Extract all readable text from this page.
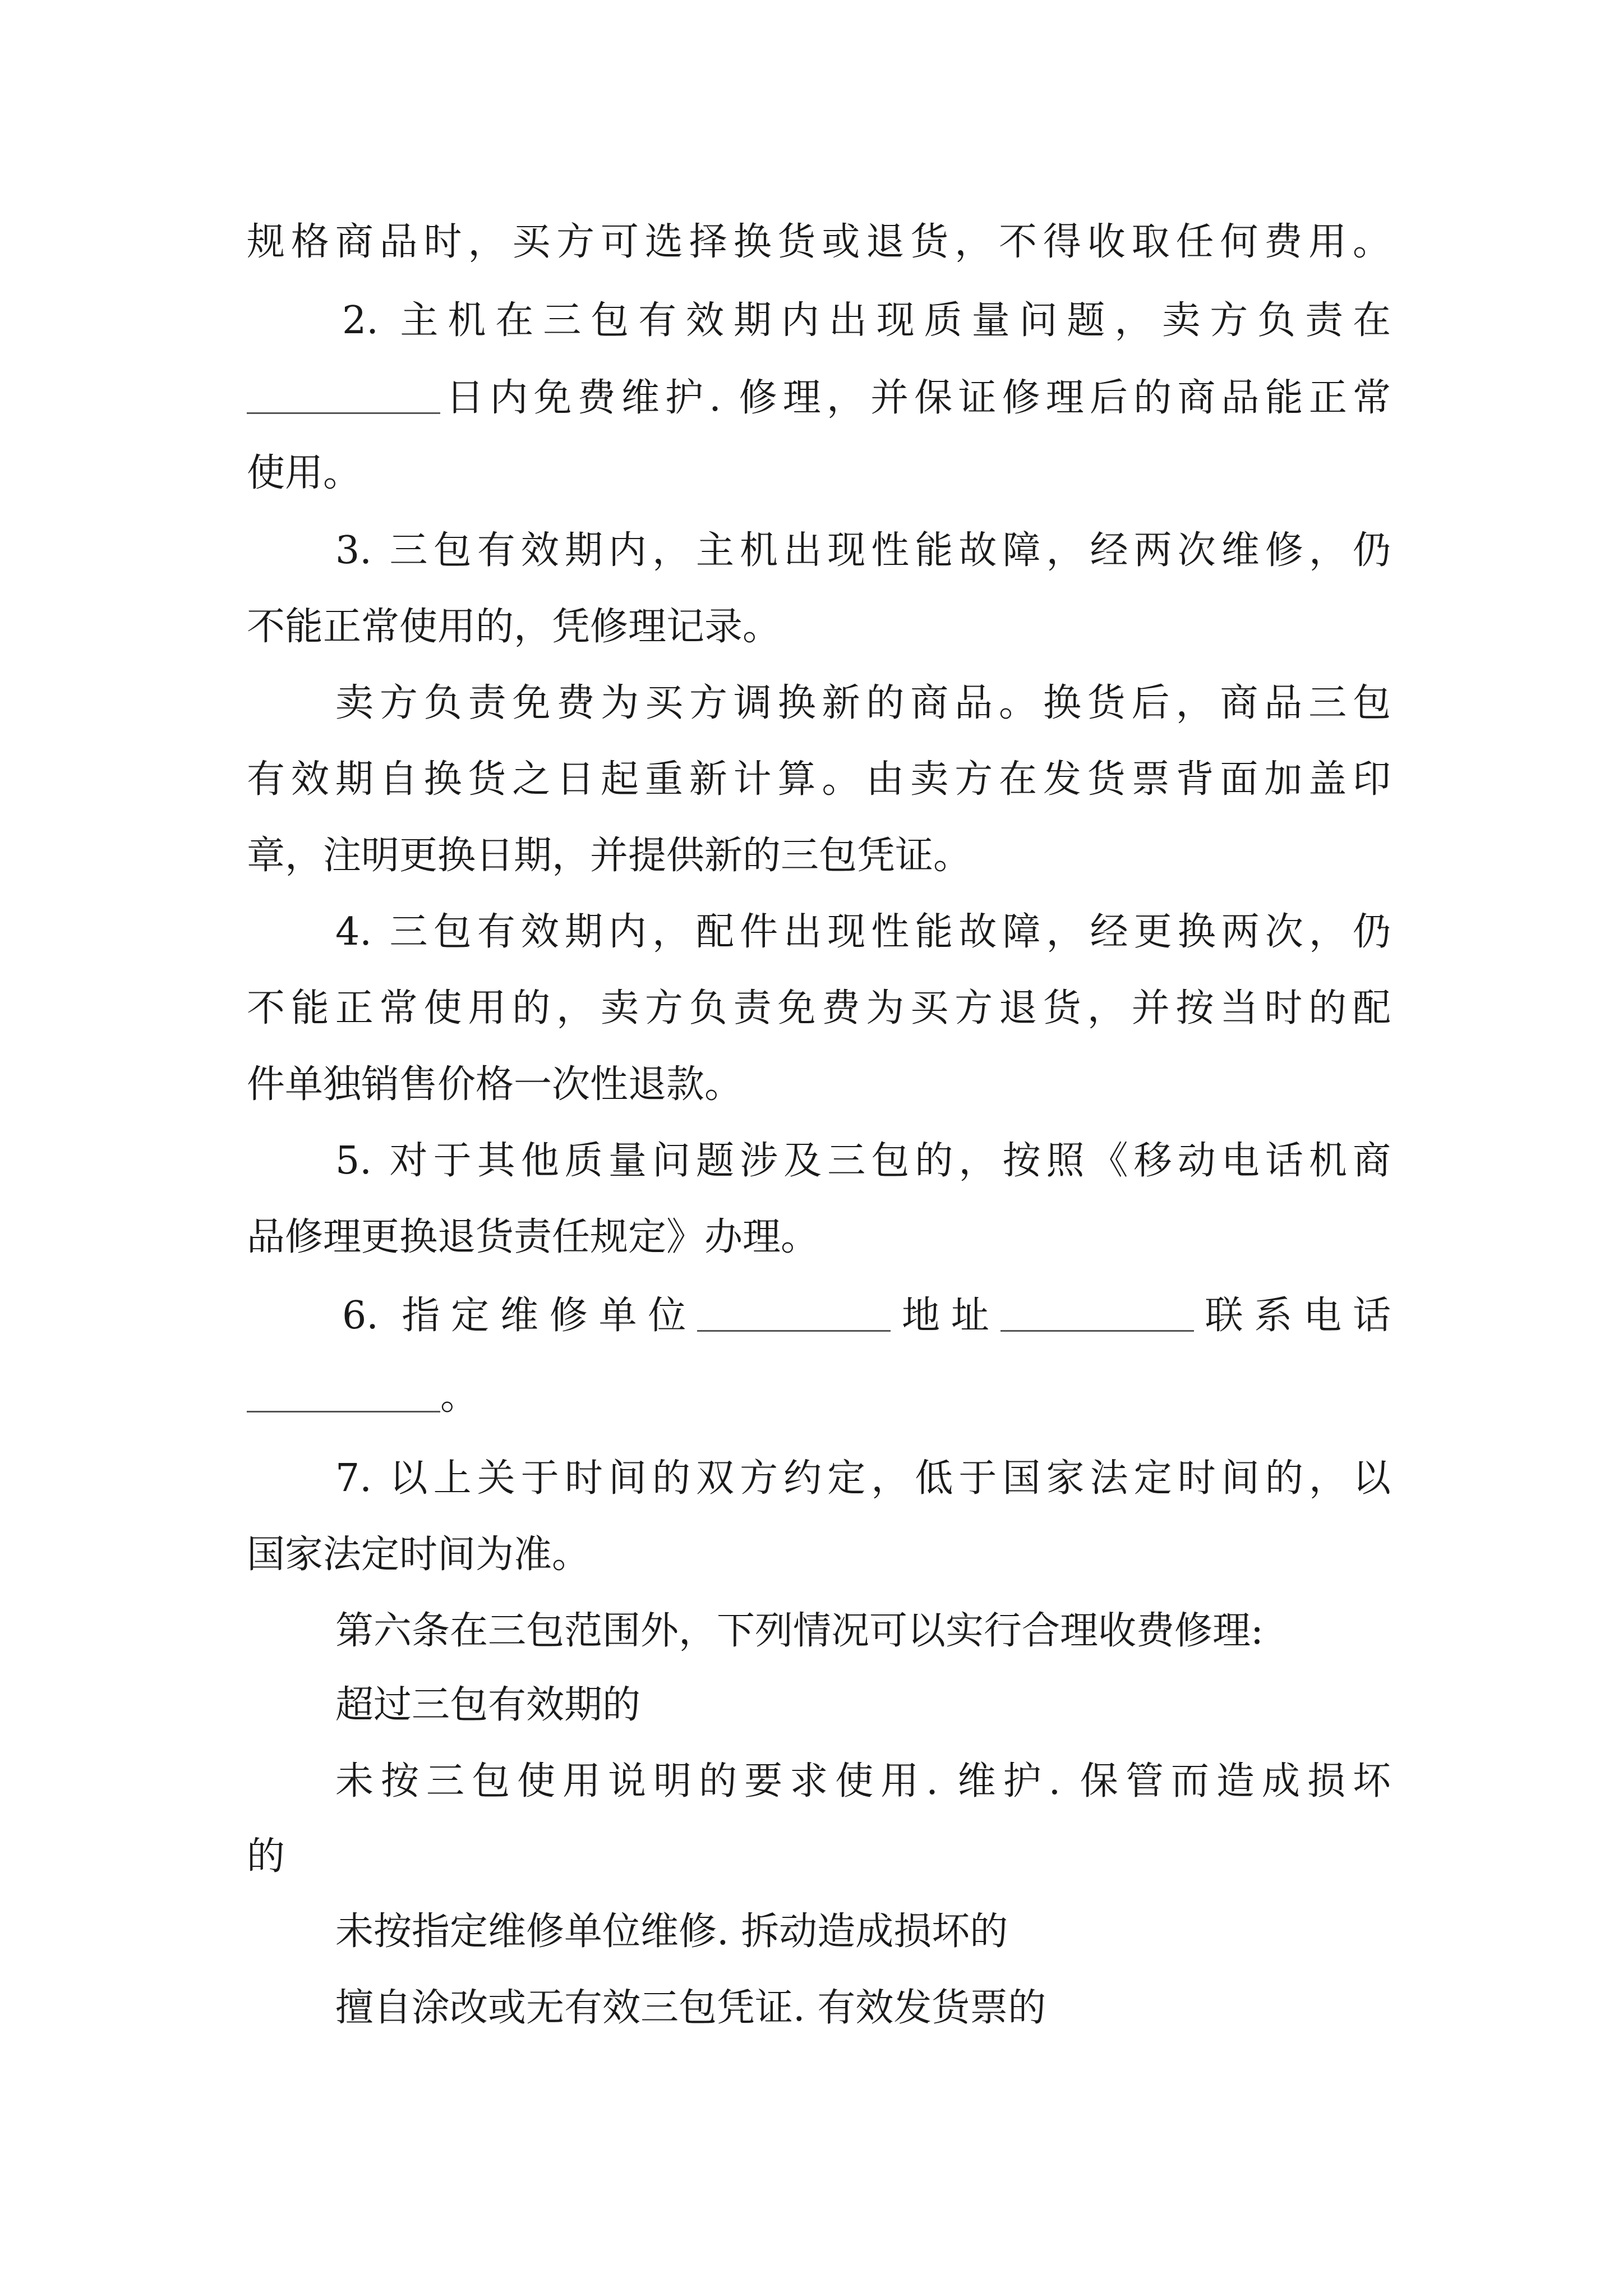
规格商品时，买方可选择换货或退货，不得收取任何费用。
2. 主机在三包有效期内出现质量问题，卖方负责在
日内免费维护. 修理，并保证修理后的商品能正常
使用。
3. 三包有效期内，主机出现性能故障，经两次维修，仍
不能正常使用的，凭修理记录。
卖方负责免费为买方调换新的商品。换货后，商品三包
有效期自换货之日起重新计算。由卖方在发货票背面加盖印
章，注明更换日期，并提供新的三包凭证。
4. 三包有效期内，配件出现性能故障，经更换两次，仍
不能正常使用的，卖方负责免费为买方退货，并按当时的配
件单独销售价格一次性退款。
5. 对于其他质量问题涉及三包的，按照《移动电话机商
品修理更换退货责任规定》办理。
6. 指定维修单位	地址	联系电话
。
7. 以上关于时间的双方约定，低于国家法定时间的，以
国家法定时间为准。
第六条在三包范围外，下列情况可以实行合理收费修理:
超过三包有效期的
未按三包使用说明的要求使用. 维护. 保管而造成损坏
的
未按指定维修单位维修. 拆动造成损坏的
擅自涂改或无有效三包凭证. 有效发货票的
